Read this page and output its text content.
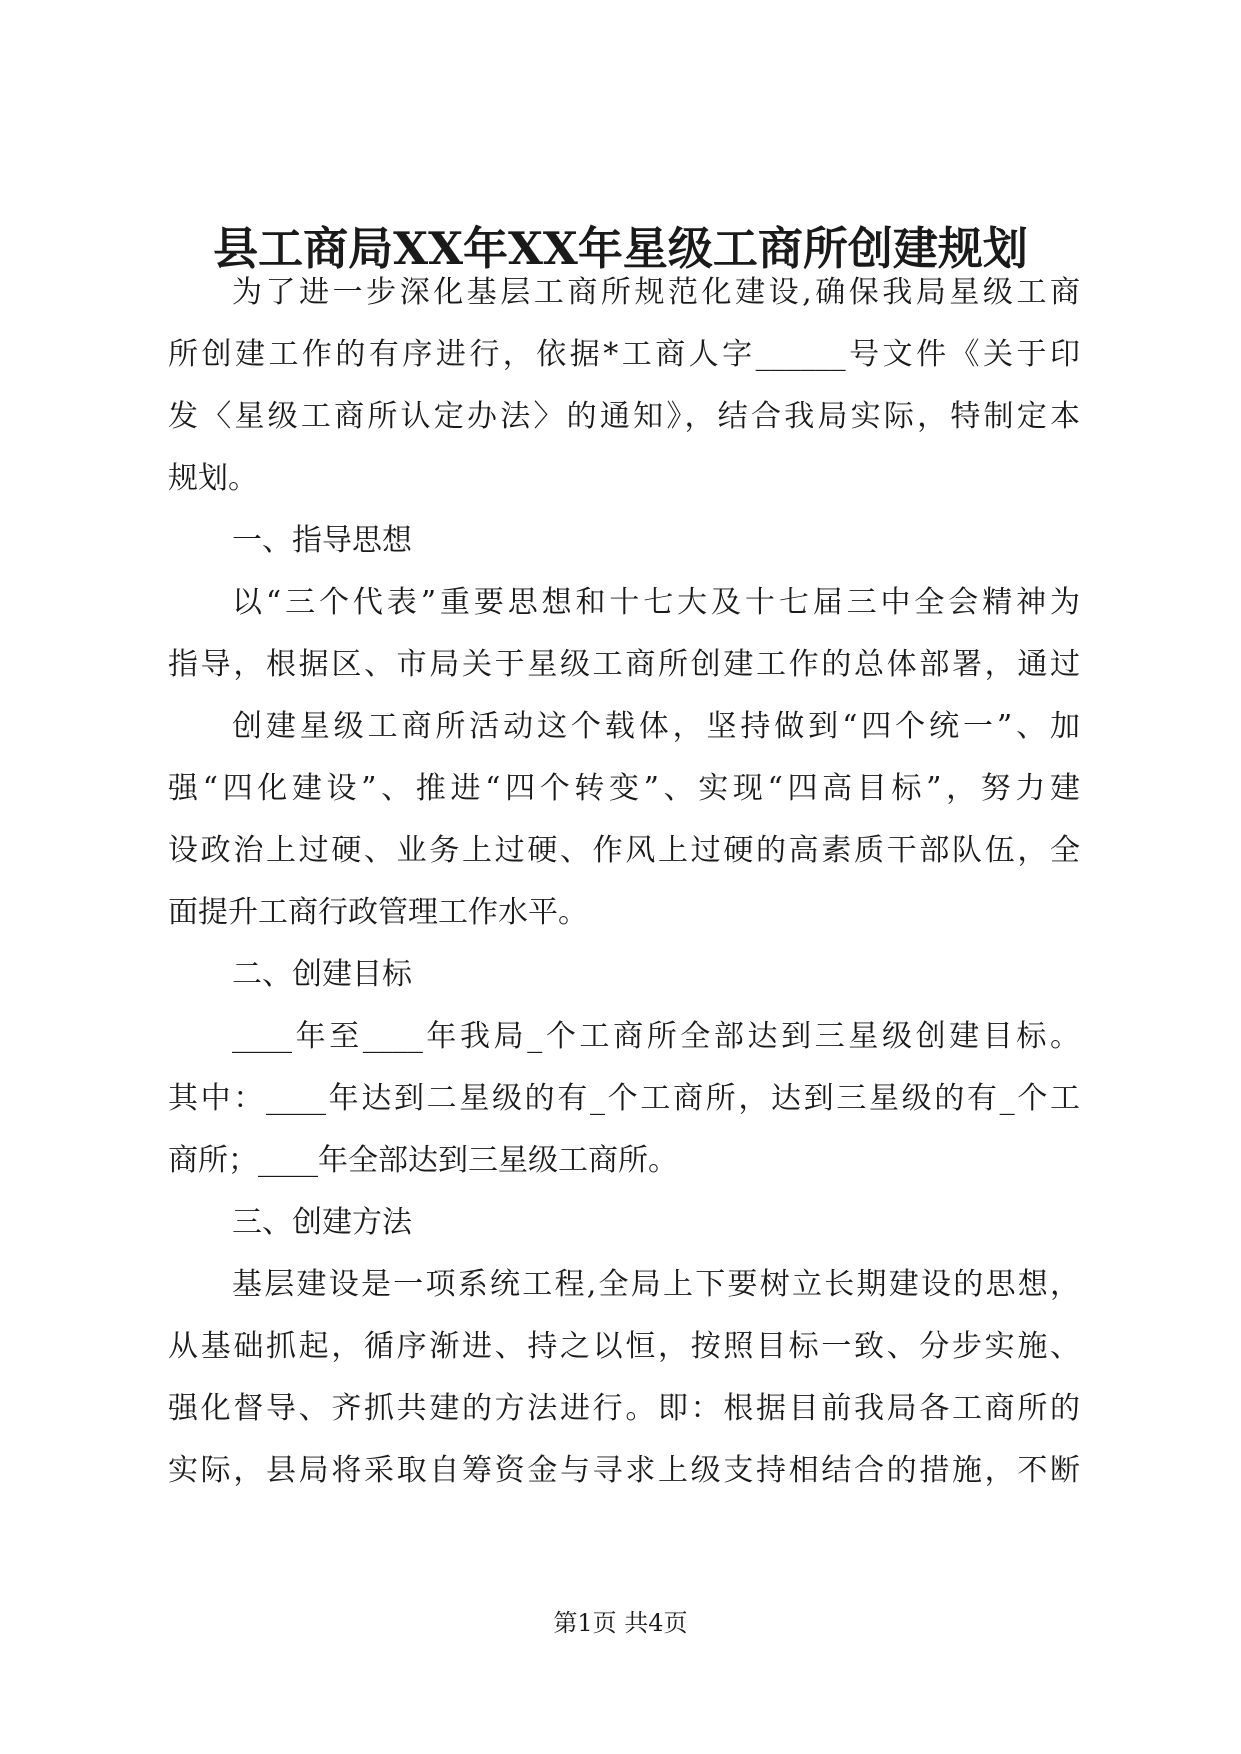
县工商局XX年XX年星级工商所创建规划

为了进一步深化基层工商所规范化建设,确保我局星级工商

所创建工作的有序进行，依据*工商人字______号文件《关于印

发〈星级工商所认定办法〉的通知》，结合我局实际，特制定本

规划。

一、指导思想

以“三个代表”重要思想和十七大及十七届三中全会精神为

指导，根据区、市局关于星级工商所创建工作的总体部署，通过

创建星级工商所活动这个载体，坚持做到“四个统一”、加

强“四化建设”、推进“四个转变”、实现“四高目标”，努力建

设政治上过硬、业务上过硬、作风上过硬的高素质干部队伍，全

面提升工商行政管理工作水平。

二、创建目标

____年至____年我局_个工商所全部达到三星级创建目标。

其中：____年达到二星级的有_个工商所，达到三星级的有_个工

商所；____年全部达到三星级工商所。

三、创建方法

基层建设是一项系统工程,全局上下要树立长期建设的思想，

从基础抓起，循序渐进、持之以恒，按照目标一致、分步实施、

强化督导、齐抓共建的方法进行。即：根据目前我局各工商所的

实际，县局将采取自筹资金与寻求上级支持相结合的措施，不断

第1页 共4页
